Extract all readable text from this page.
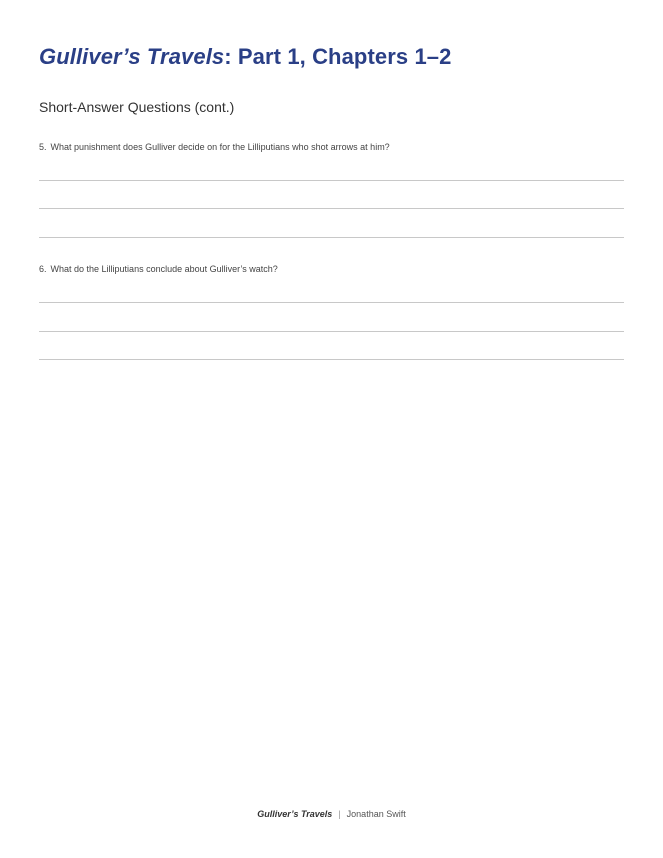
Gulliver’s Travels: Part 1, Chapters 1–2
Short-Answer Questions (cont.)
5. What punishment does Gulliver decide on for the Lilliputians who shot arrows at him?
6. What do the Lilliputians conclude about Gulliver’s watch?
Gulliver’s Travels | Jonathan Swift
